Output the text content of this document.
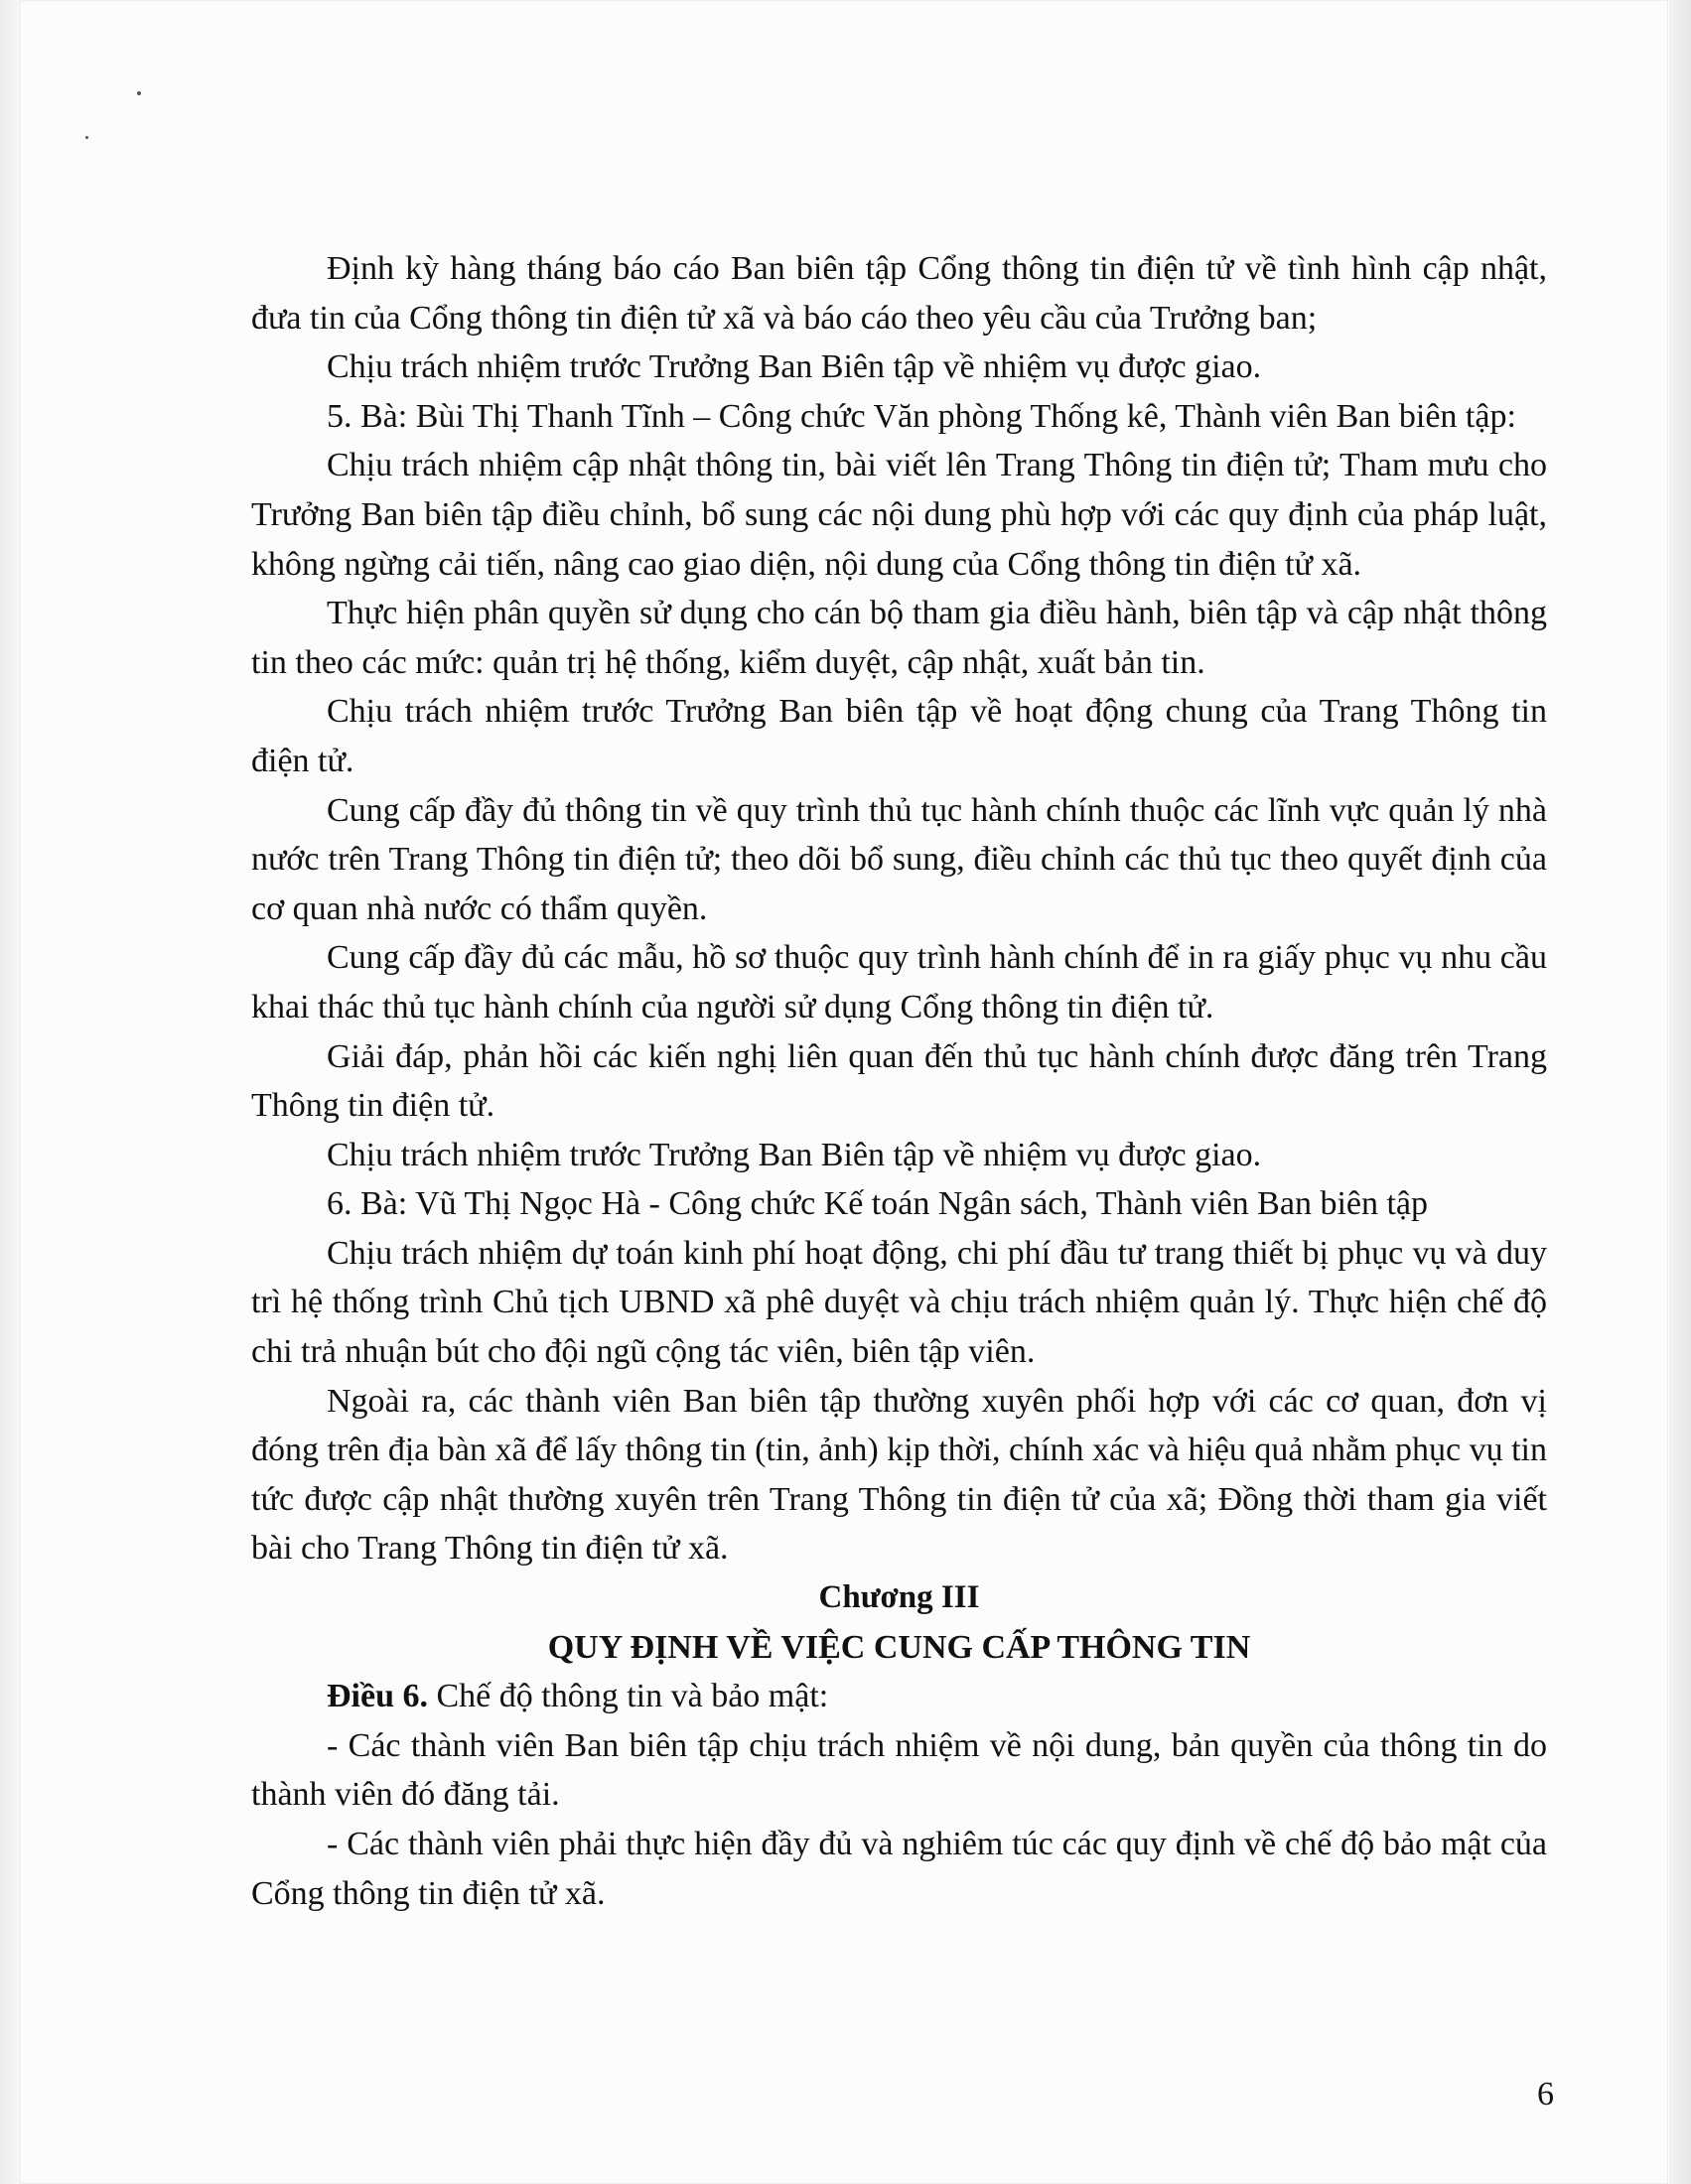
Định kỳ hàng tháng báo cáo Ban biên tập Cổng thông tin điện tử về tình hình cập nhật, đưa tin của Cổng thông tin điện tử xã và báo cáo theo yêu cầu của Trưởng ban;

Chịu trách nhiệm trước Trưởng Ban Biên tập về nhiệm vụ được giao.

5. Bà: Bùi Thị Thanh Tĩnh – Công chức Văn phòng Thống kê, Thành viên Ban biên tập:

Chịu trách nhiệm cập nhật thông tin, bài viết lên Trang Thông tin điện tử; Tham mưu cho Trưởng Ban biên tập điều chỉnh, bổ sung các nội dung phù hợp với các quy định của pháp luật, không ngừng cải tiến, nâng cao giao diện, nội dung của Cổng thông tin điện tử xã.

Thực hiện phân quyền sử dụng cho cán bộ tham gia điều hành, biên tập và cập nhật thông tin theo các mức: quản trị hệ thống, kiểm duyệt, cập nhật, xuất bản tin.

Chịu trách nhiệm trước Trưởng Ban biên tập về hoạt động chung của Trang Thông tin điện tử.

Cung cấp đầy đủ thông tin về quy trình thủ tục hành chính thuộc các lĩnh vực quản lý nhà nước trên Trang Thông tin điện tử; theo dõi bổ sung, điều chỉnh các thủ tục theo quyết định của cơ quan nhà nước có thẩm quyền.

Cung cấp đầy đủ các mẫu, hồ sơ thuộc quy trình hành chính để in ra giấy phục vụ nhu cầu khai thác thủ tục hành chính của người sử dụng Cổng thông tin điện tử.

Giải đáp, phản hồi các kiến nghị liên quan đến thủ tục hành chính được đăng trên Trang Thông tin điện tử.

Chịu trách nhiệm trước Trưởng Ban Biên tập về nhiệm vụ được giao.

6. Bà: Vũ Thị Ngọc Hà - Công chức Kế toán Ngân sách, Thành viên Ban biên tập

Chịu trách nhiệm dự toán kinh phí hoạt động, chi phí đầu tư trang thiết bị phục vụ và duy trì hệ thống trình Chủ tịch UBND xã phê duyệt và chịu trách nhiệm quản lý. Thực hiện chế độ chi trả nhuận bút cho đội ngũ cộng tác viên, biên tập viên.

Ngoài ra, các thành viên Ban biên tập thường xuyên phối hợp với các cơ quan, đơn vị đóng trên địa bàn xã để lấy thông tin (tin, ảnh) kịp thời, chính xác và hiệu quả nhằm phục vụ tin tức được cập nhật thường xuyên trên Trang Thông tin điện tử của xã; Đồng thời tham gia viết bài cho Trang Thông tin điện tử xã.

Chương III

QUY ĐỊNH VỀ VIỆC CUNG CẤP THÔNG TIN

Điều 6. Chế độ thông tin và bảo mật:

- Các thành viên Ban biên tập chịu trách nhiệm về nội dung, bản quyền của thông tin do thành viên đó đăng tải.

- Các thành viên phải thực hiện đầy đủ và nghiêm túc các quy định về chế độ bảo mật của Cổng thông tin điện tử xã.

6
